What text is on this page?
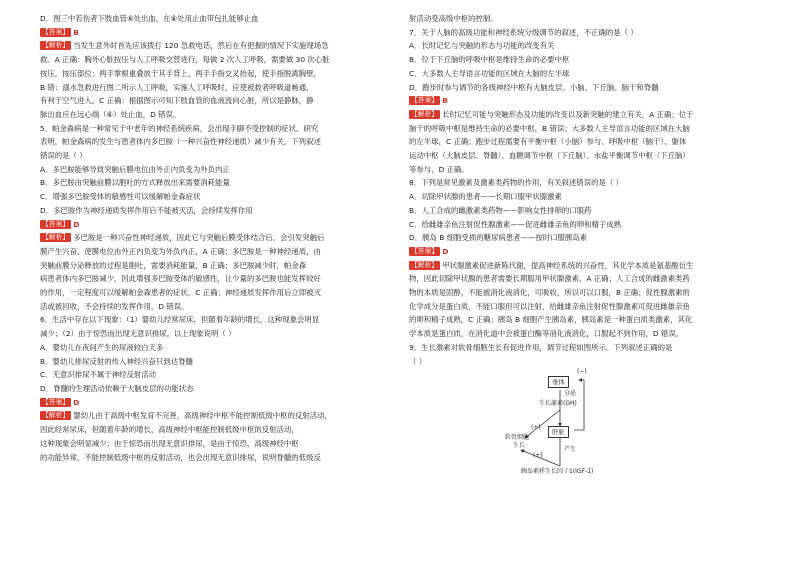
D．图三中若伤者下肢血管⑥处出血，在⑥处用止血带包扎能够止血
【答案】 B
【解析】 当发生意外时首先应该拨打 120 急救电话，然后在有把握的情况下实施现场急
救。A 正确：胸外心脏按压与人工呼吸交替进行，每做 2 次人工呼吸，需要做 30 次心脏
按压，按压部位：两手掌根重叠放于其手背上，两手手指交叉抬起，使手指脱离胸壁，
B 错：溺水急救进行图二所示人工呼吸，实施人工呼吸时，应使被救者呼吸道畅通，
有利于空气进入。C 正确：根据图示可知下肢血管的血液流向心脏，所以是静脉，静
脉出血应在远心端（⑥）处止血，D 错误。
5．帕金森病是一种常见于中老年的神经系统疾病，会出现手脚不受控制的症状。研究
表明，帕金森病的发生与患者体内多巴胺（一种兴奋性神经递质）减少有关。下列叙述
错误的是（ ）
A．多巴胺能够导致突触后膜电位由外正内负变为外负内正
B．多巴胺由突触前膜以胞吐的方式释放出来需要消耗能量
C．增强多巴胺受体的敏感性可以缓解帕金森症状
D．多巴胺作为神经递质发挥作用后不能被灭活，会持续发挥作用
【答案】 D
【解析】 多巴胺是一种兴奋性神经递质，因此它与突触后膜受体结合后，会引发突触后
膜产生兴奋，使膜电位由外正内负变为外负内正，A 正确；多巴胺是一种神经递质，由
突触前膜分泌释放的过程是胞吐，需要消耗能量，B 正确；多巴胺减少时，帕金森
病患者体内多巴胺减少，因此增强多巴胺受体的敏感性，让少量的多巴胺也能发挥较好
的作用，一定程度可以缓解帕金森患者的症状，C 正确；神经递质发挥作用后立即被灭
活或被回收，不会持续的发挥作用，D 错误。
6．生活中存在以下现象：（1）婴幼儿经常尿床，但随着年龄的增长，这种现象会明显
减少；（2）由于惊恐而出现无意识排尿。以上现象说明（ ）
A．婴幼儿在夜间产生的尿液较白天多
B．婴幼儿排尿反射的传入神经兴奋只到达脊髓
C．无意识排尿不属于神经反射活动
D．脊髓的生理活动依赖于大脑皮层的功能状态
【答案】 D
【解析】 婴幼儿由于高级中枢发育不完善，高级神经中枢不能控制低级中枢的反射活动，
因此经常尿床，但随着年龄的增长，高级神经中枢能控制低级中枢的反射活动，
这种现象会明显减少；由于惊恐而出现无意识排尿，是由于惊恐，高级神经中枢
的功能异常，不能控制低级中枢的反射活动，也会出现无意识排尿，说明脊髓的低级反
射活动受高级中枢的控制。
7．关于人脑的高级功能和神经系统分级调节的叙述，不正确的是（ ）
A．长时记忆与突触的形态与功能的改变有关
B．位于下丘脑的呼吸中枢是维持生命的必要中枢
C．大多数人主导语言功能的区域在大脑的左半球
D．跑步时参与调节的各级神经中枢有大脑皮层、小脑、下丘脑、脑干和脊髓
【答案】 B
【解析】 长时记忆可能与突触形态及功能的改变以及新突触的建立有关，A 正确；位于
脑干的呼吸中枢是维持生命的必要中枢，B 错误；大多数人主导语言功能的区域在大脑
的左半球，C 正确；跑步过程需要有平衡中枢（小脑）参与、呼吸中枢（脑干）、躯体
运动中枢（大脑皮层、脊髓）、血糖调节中枢（下丘脑）、水盐平衡调节中枢（下丘脑）
等参与，D 正确。
8．下列是常见激素及激素类药物的作用，有关叙述错误的是（ ）
A．切除甲状腺的患者——长期口服甲状腺激素
B．人工合成的雌激素类药物——影响女性排卵的口服药
C．给雌雄亲鱼注射促性腺激素——促进雌雄亲鱼的卵和精子成熟
D．胰岛 B 细胞受损的糖尿病患者——按时口服胰岛素
【答案】 D
【解析】 甲状腺激素促进新陈代谢，提高神经系统的兴奋性，其化学本质是氨基酸衍生
物，因此切除甲状腺的患者需要长期服用甲状腺激素，A 正确；人工合成的雌激素类药
物的本质是固醇，不能被消化液消化，可吸收，所以可以口服，B 正确；促性腺激素的
化学成分是蛋白质，不能口服但可以注射，给雌雄亲鱼注射促性腺激素可促进雌雄亲鱼
的卵和精子成熟，C 正确；胰岛 B 细胞产生胰岛素，胰岛素是一种蛋白质类激素，其化
学本质是蛋白质，在消化道中会被蛋白酶等消化液消化，口服起不到作用，D 错误。
9．生长激素对软骨细胞生长有促进作用，调节过程如图所示。下列叙述正确的是
（ ）
垂体
肝脏
(−)
分泌
生长激素(GH)
软骨细胞
生长
(+)
(+)
产生
胰岛素样生长因子1(IGF-1)
